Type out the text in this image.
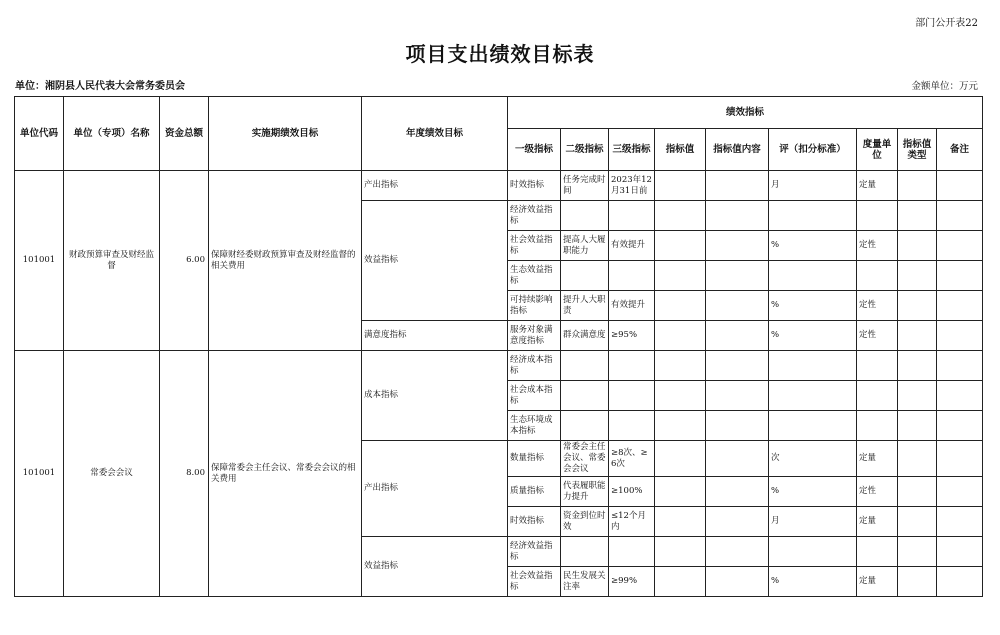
部门公开表22
项目支出绩效目标表
单位：湘阴县人民代表大会常务委员会	金额单位：万元
单位代码	单位（专项）名称	资金总额	实施期绩效目标	年度绩效目标	绩效指标								
					一级指标	二级指标	三级指标	指标值	指标值内容	评（扣分标准）	度量单位	指标值类型	备注
101001	财政预算审查及财经监督	6.00	保障财经委财政预算审查及财经监督的相关费用	产出指标	时效指标	任务完成时间	2023年12月31日前			月	定量		
				效益指标	经济效益指标								
					社会效益指标	提高人大履职能力	有效提升			%	定性		
					生态效益指标								
					可持续影响指标	提升人大职责	有效提升			%	定性		
				满意度指标	服务对象满意度指标	群众满意度	≥95%			%	定性		
101001	常委会会议	8.00	保障常委会主任会议、常委会会议的相关费用	成本指标	经济成本指标								
					社会成本指标								
					生态环境成本指标								
				产出指标	数量指标	常委会主任会议、常委会会议	≥8次、≥6次			次	定量		
					质量指标	代表履职能力提升	≥100%			%	定性		
					时效指标	资金到位时效	≤12个月内			月	定量		
				效益指标	经济效益指标								
					社会效益指标	民生发展关注率	≥99%			%	定量		
